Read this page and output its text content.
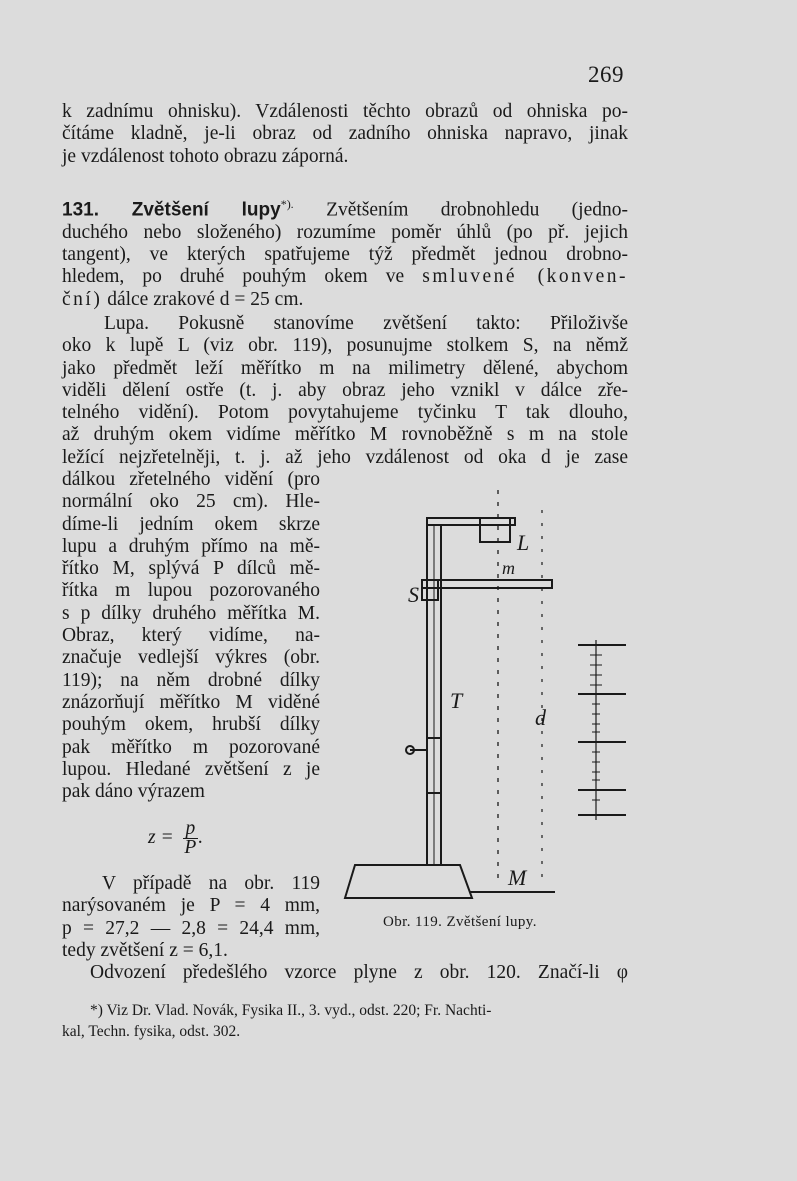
269
k zadnímu ohnisku). Vzdálenosti těchto obrazů od ohniska po-
čítáme kladně, je-li obraz od zadního ohniska napravo, jinak
je vzdálenost tohoto obrazu záporná.
131. Zvětšení lupy*). Zvětšením drobnohledu (jedno-
duchého nebo složeného) rozumíme poměr úhlů (po př. jejich
tangent), ve kterých spatřujeme týž předmět jednou drobno-
hledem, po druhé pouhým okem ve smluvené (konven-
ční) dálce zrakové d = 25 cm.
Lupa. Pokusně stanovíme zvětšení takto: Přiloživše
oko k lupě L (viz obr. 119), posunujme stolkem S, na němž
jako předmět leží měřítko m na milimetry dělené, abychom
viděli dělení ostře (t. j. aby obraz jeho vznikl v dálce zře-
telného vidění). Potom povytahujeme tyčinku T tak dlouho,
až druhým okem vidíme měřítko M rovnoběžně s m na stole
ležící nejzřetelněji, t. j. až jeho vzdálenost od oka d je zase
dálkou zřetelného vidění (pro
normální oko 25 cm). Hle-
díme-li jedním okem skrze
lupu a druhým přímo na mě-
řítko M, splývá P dílců mě-
řítka m lupou pozorovaného
s p dílky druhého měřítka M.
Obraz, který vidíme, na-
značuje vedlejší výkres (obr.
119); na něm drobné dílky
znázorňují měřítko M viděné
pouhým okem, hrubší dílky
pak měřítko m pozorované
lupou. Hledané zvětšení z je
pak dáno výrazem
$z = \frac{p}{P}$ .
V případě na obr. 119
narýsovaném je P = 4 mm,
p = 27,2 — 2,8 = 24,4 mm,
tedy zvětšení z = 6,1.
Odvození předešlého vzorce plyne z obr. 120. Značí-li φ
L
m
S
T
d
M
Obr. 119. Zvětšení lupy.
*) Viz Dr. Vlad. Novák, Fysika II., 3. vyd., odst. 220; Fr. Nachti-
kal, Techn. fysika, odst. 302.
